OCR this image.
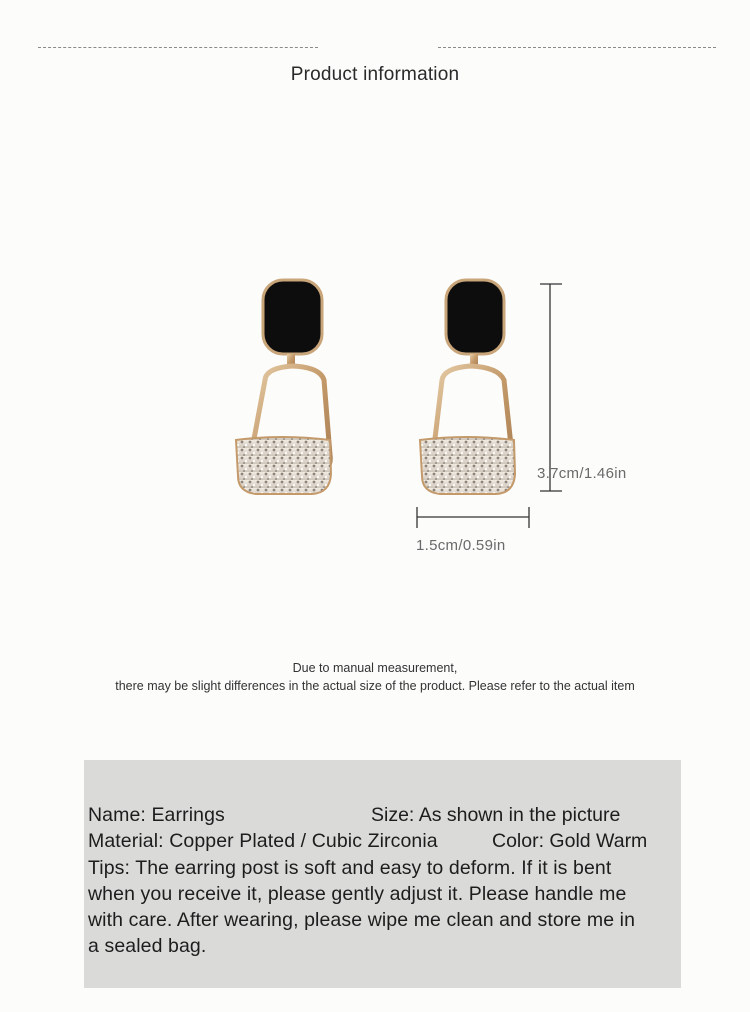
Product information
3.7cm/1.46in
1.5cm/0.59in
Due to manual measurement,
there may be slight differences in the actual size of the product. Please refer to the actual item
Name: Earrings	Size: As shown in the picture
Material: Copper Plated / Cubic Zirconia	Color: Gold Warm
Tips: The earring post is soft and easy to deform. If it is bent
when you receive it, please gently adjust it. Please handle me
with care. After wearing, please wipe me clean and store me in
a sealed bag.
